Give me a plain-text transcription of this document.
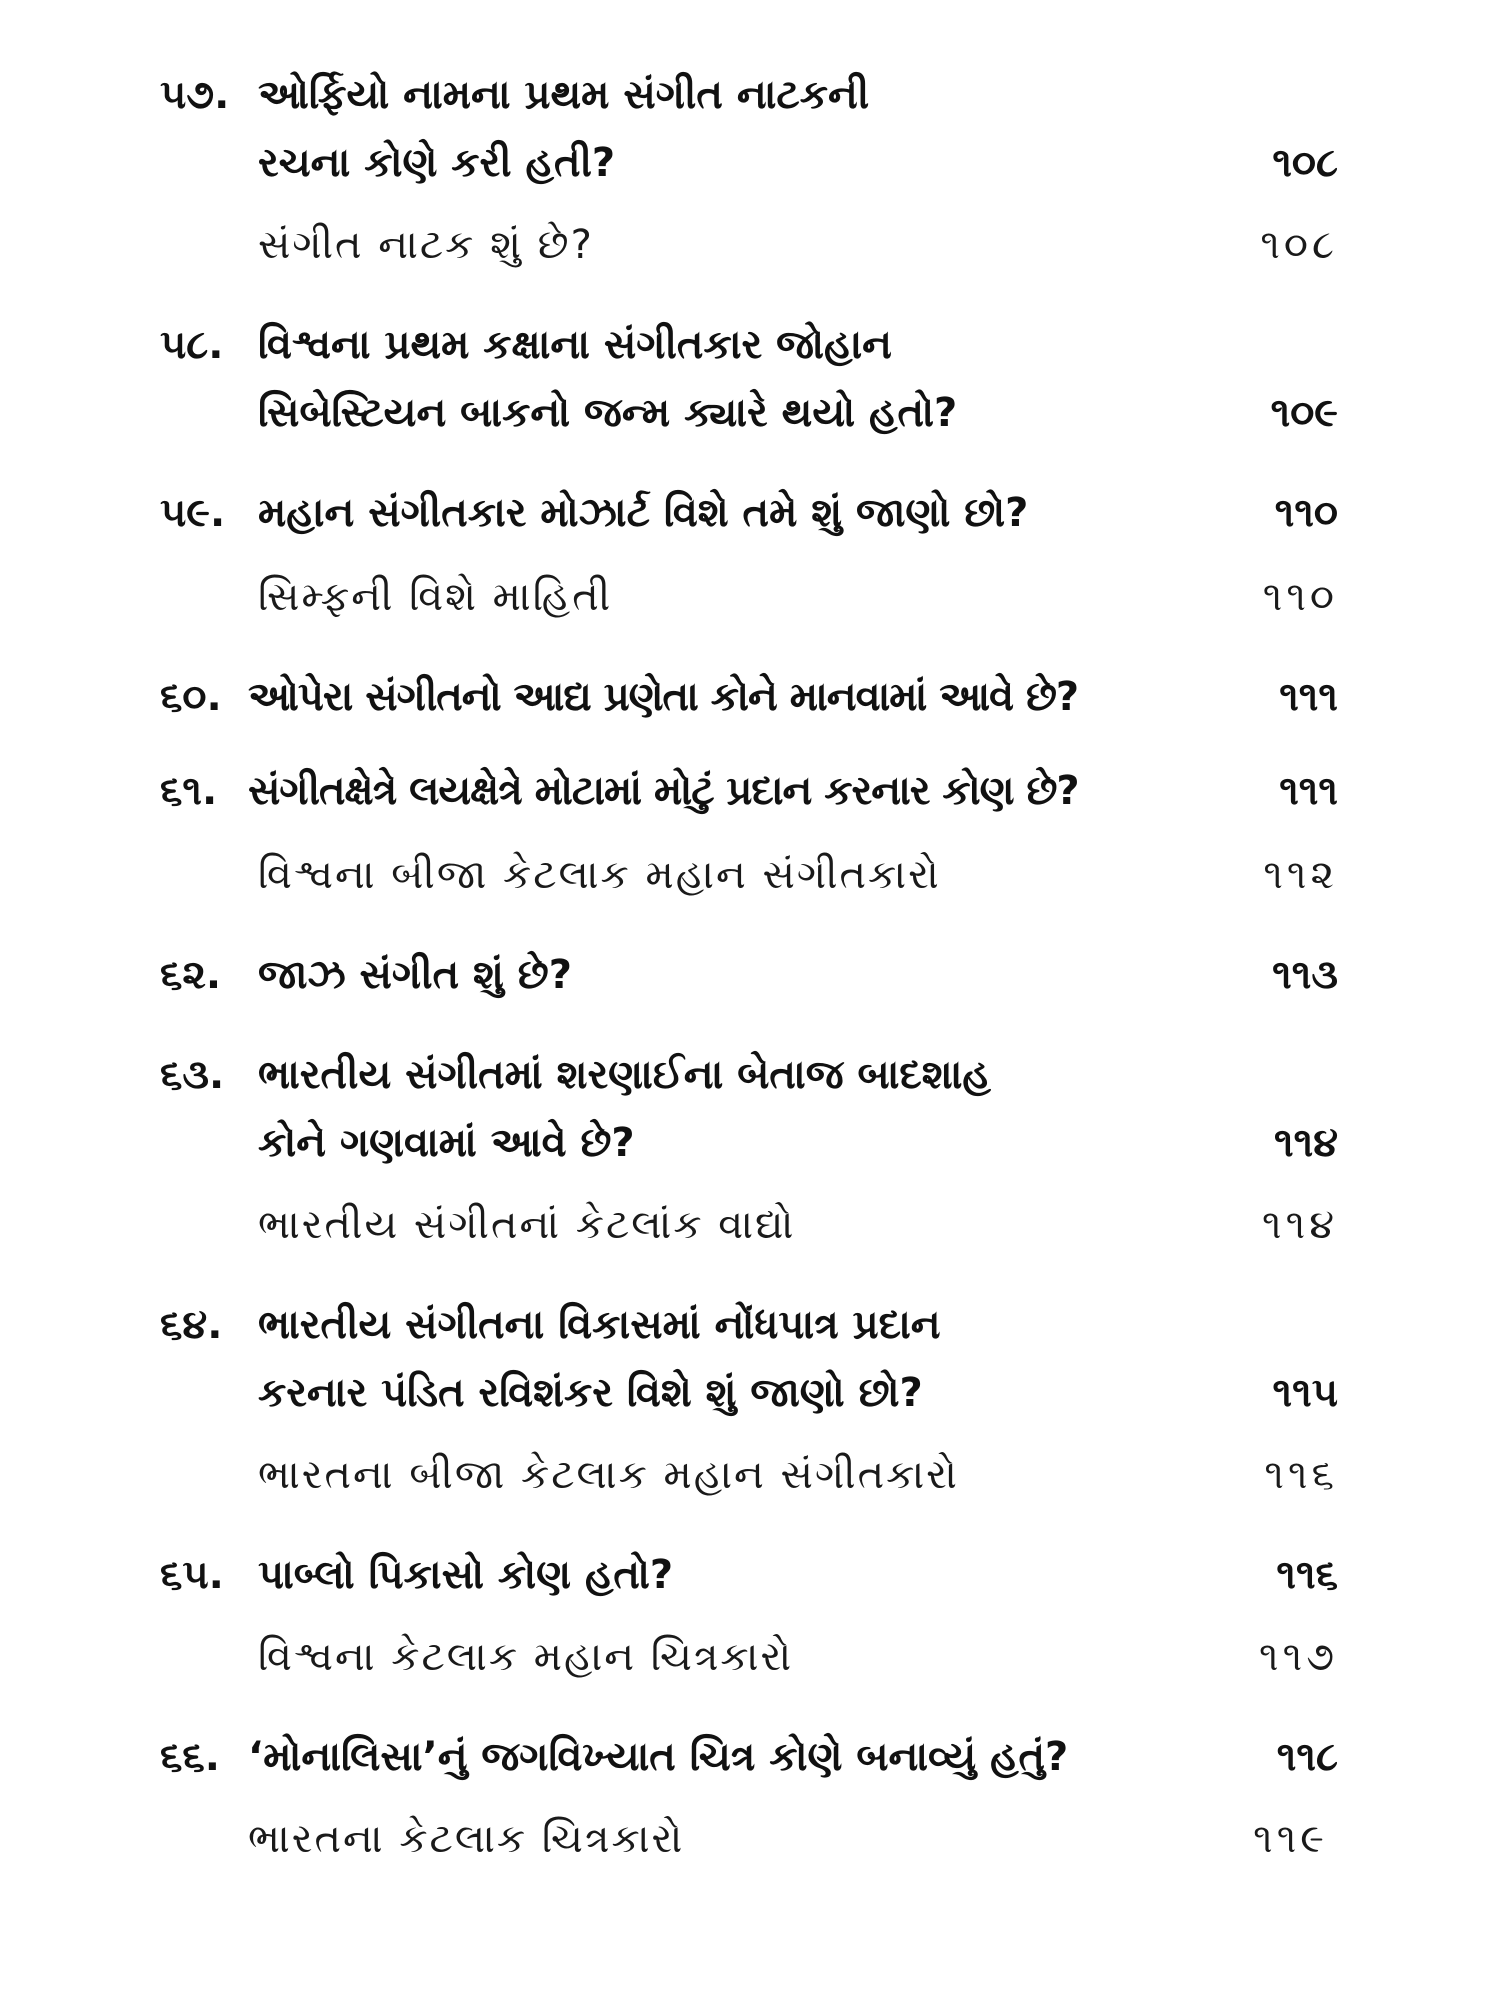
૫૭. ઓર્ફિયો નામના પ્રથમ સંગીત નાટકની
રચના કોણે કરી હતી?	૧૦૮
સંગીત નાટક શું છે?	૧૦૮
૫૮. વિશ્વના પ્રથમ કક્ષાના સંગીતકાર જોહાન
સિબેસ્ટિયન બાકનો જન્મ ક્યારે થયો હતો?	૧૦૯
૫૯. મહાન સંગીતકાર મોઝાર્ટ વિશે તમે શું જાણો છો?	૧૧૦
સિમ્ફની વિશે માહિતી	૧૧૦
૬૦. ઓપેરા સંગીતનો આદ્ય પ્રણેતા કોને માનવામાં આવે છે?	૧૧૧
૬૧. સંગીતક્ષેત્રે લયક્ષેત્રે મોટામાં મોટું પ્રદાન કરનાર કોણ છે?	૧૧૧
વિશ્વના બીજા કેટલાક મહાન સંગીતકારો	૧૧૨
૬૨. જાઝ સંગીત શું છે?	૧૧૩
૬૩. ભારતીય સંગીતમાં શરણાઈના બેતાજ બાદશાહ
કોને ગણવામાં આવે છે?	૧૧૪
ભારતીય સંગીતનાં કેટલાંક વાદ્યો	૧૧૪
૬૪. ભારતીય સંગીતના વિકાસમાં નોંધપાત્ર પ્રદાન
કરનાર પંડિત રવિશંકર વિશે શું જાણો છો?	૧૧૫
ભારતના બીજા કેટલાક મહાન સંગીતકારો	૧૧૬
૬૫. પાબ્લો પિકાસો કોણ હતો?	૧૧૬
વિશ્વના કેટલાક મહાન ચિત્રકારો	૧૧૭
૬૬. ‘મોનાલિસા’નું જગવિખ્યાત ચિત્ર કોણે બનાવ્યું હતું?	૧૧૮
ભારતના કેટલાક ચિત્રકારો	૧૧૯
